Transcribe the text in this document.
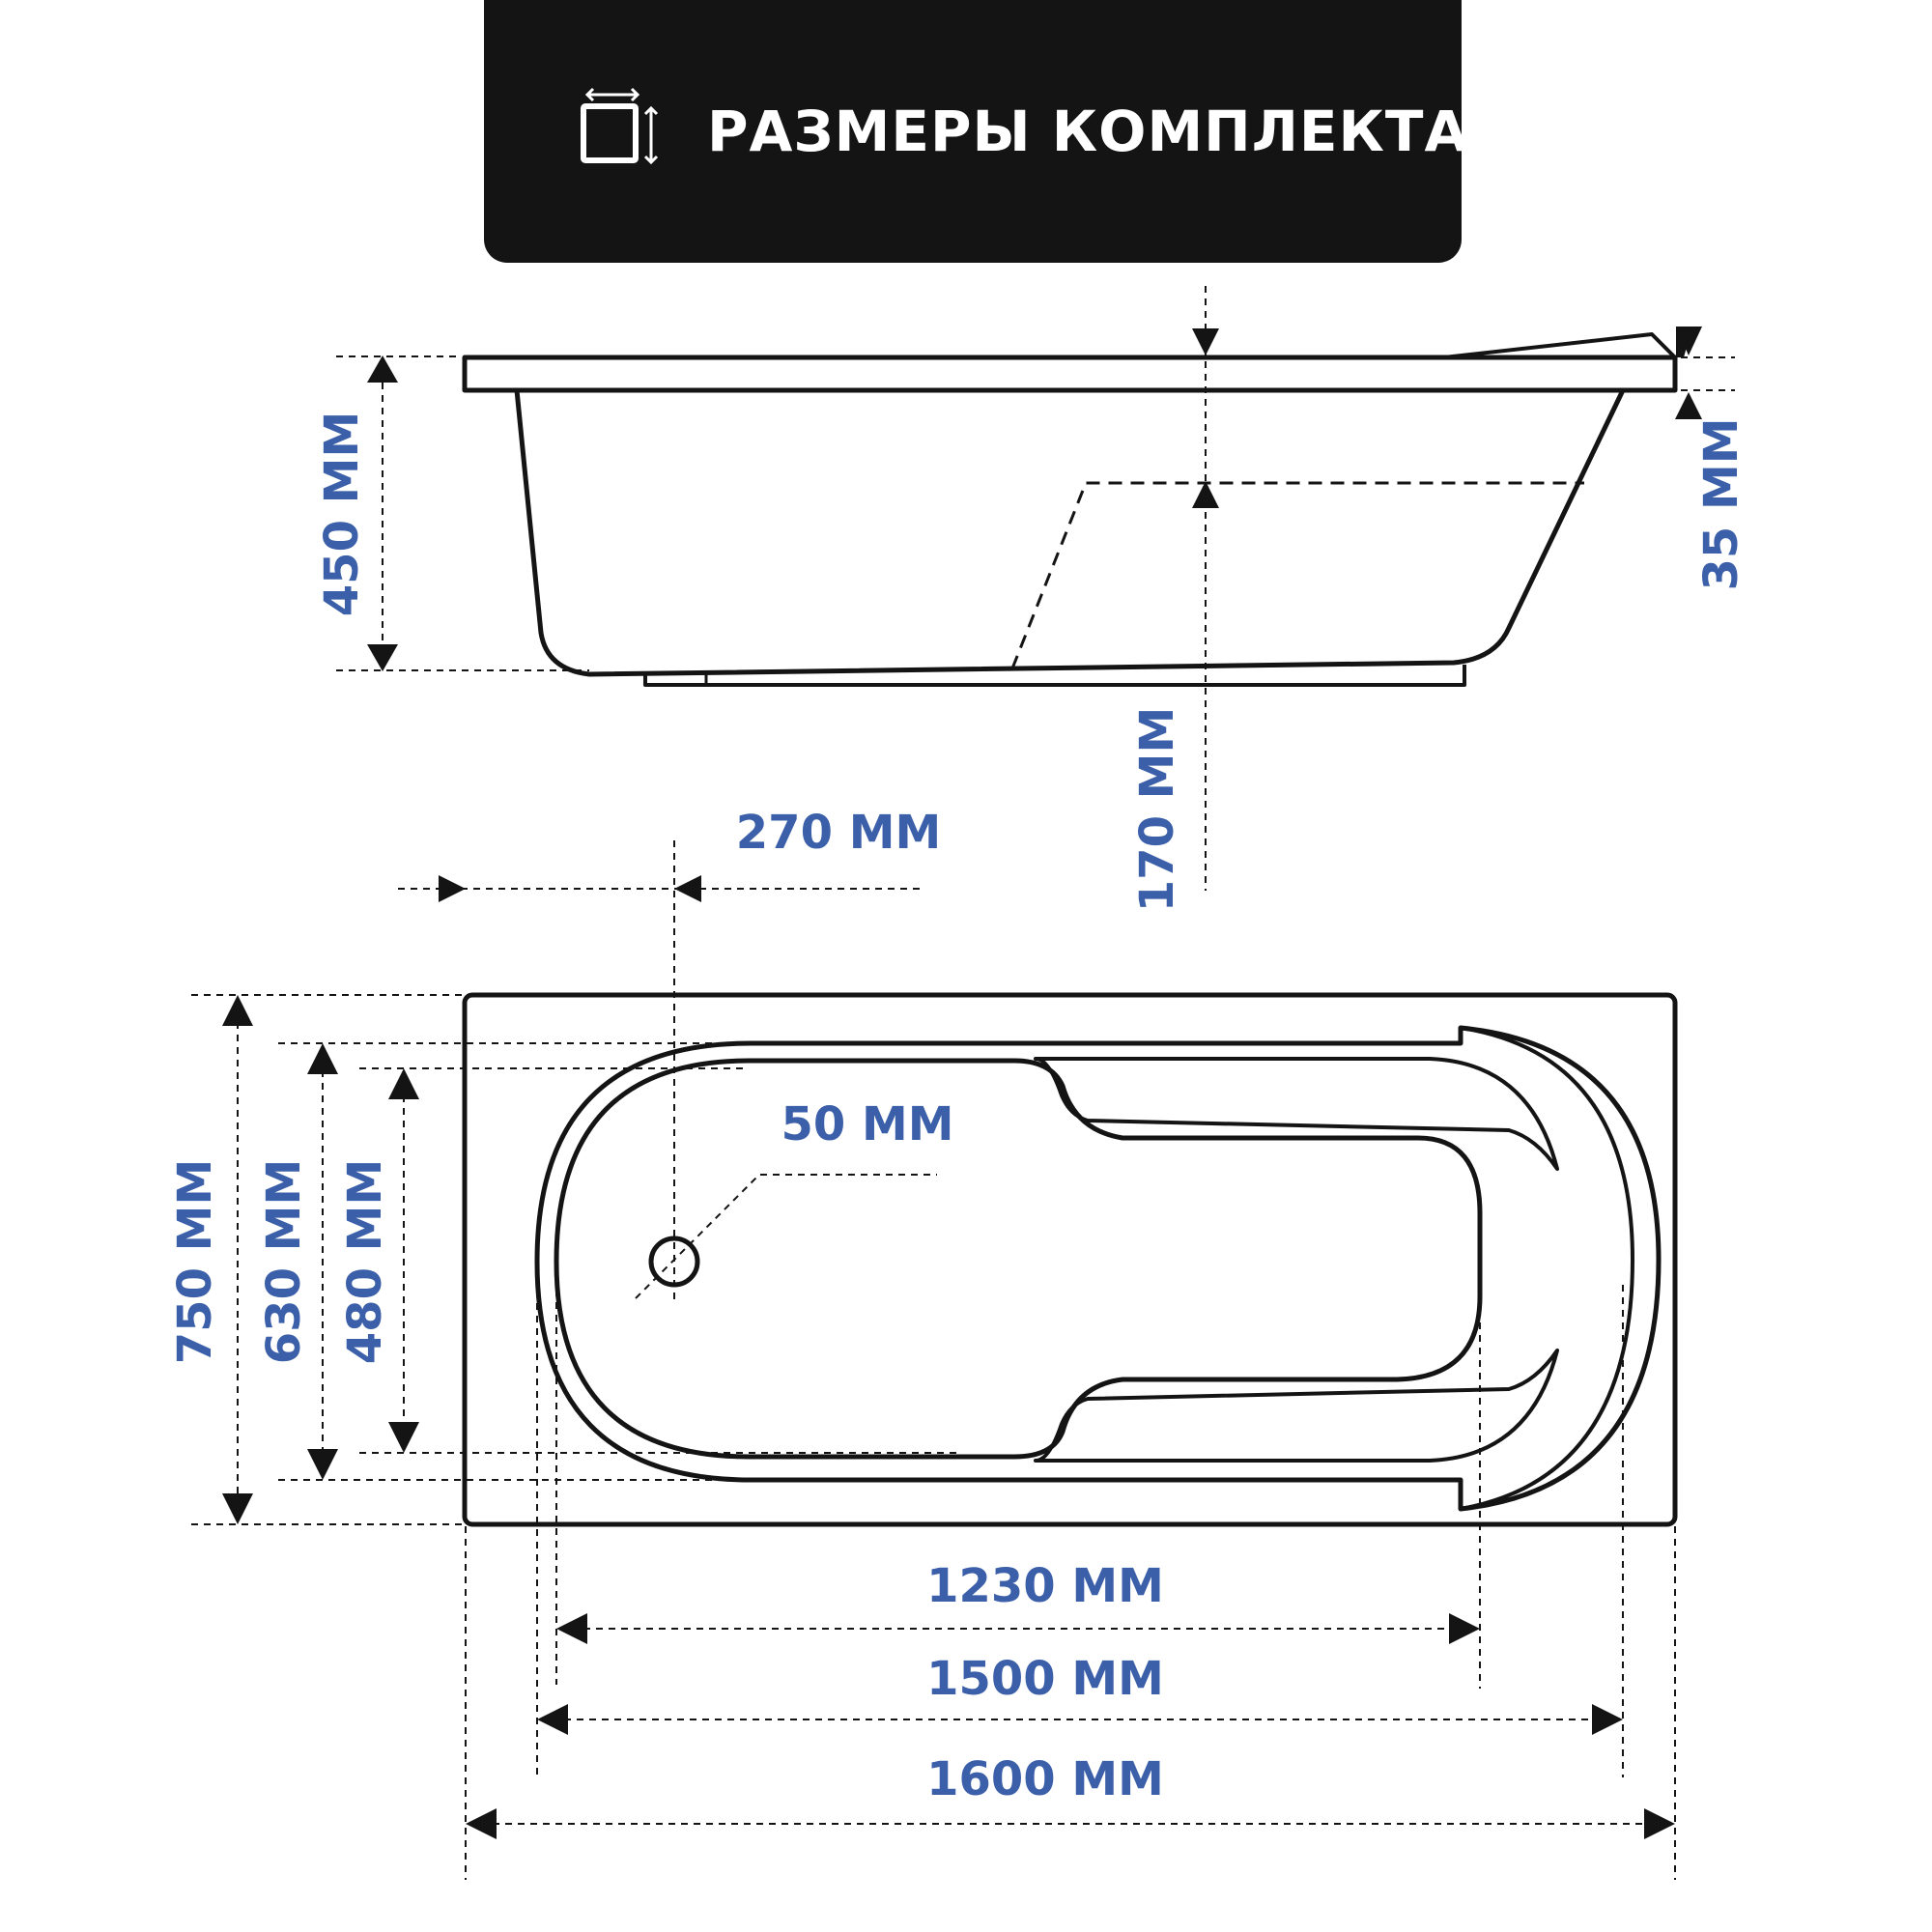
РАЗМЕРЫ КОМПЛЕКТА
450 ММ	35 ММ
170 ММ
270 ММ
50 ММ
750 ММ 630 ММ 480 ММ
1230 ММ
1500 ММ
1600 ММ
